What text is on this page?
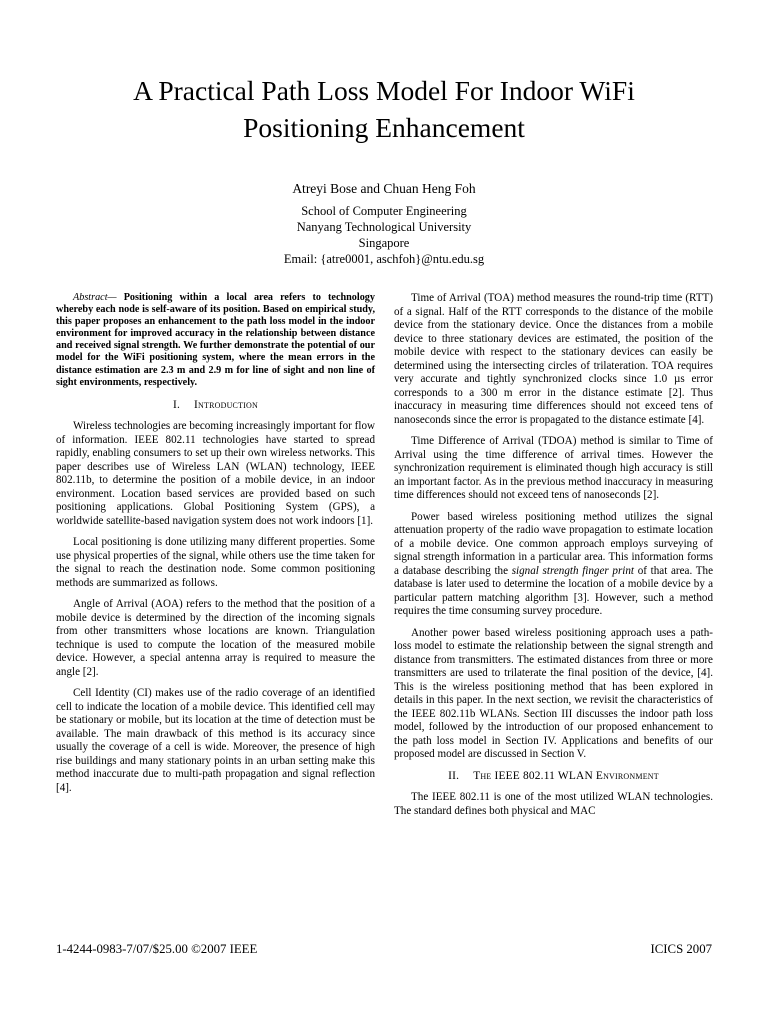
A Practical Path Loss Model For Indoor WiFi
Positioning Enhancement
Atreyi Bose and Chuan Heng Foh
School of Computer Engineering
Nanyang Technological University
Singapore
Email: {atre0001, aschfoh}@ntu.edu.sg

Abstract— Positioning within a local area refers to technology whereby each node is self-aware of its position. Based on empirical study, this paper proposes an enhancement to the path loss model in the indoor environment for improved accuracy in the relationship between distance and received signal strength. We further demonstrate the potential of our model for the WiFi positioning system, where the mean errors in the distance estimation are 2.3 m and 2.9 m for line of sight and non line of sight environments, respectively.

I. Introduction

Wireless technologies are becoming increasingly important for flow of information. IEEE 802.11 technologies have started to spread rapidly, enabling consumers to set up their own wireless networks. This paper describes use of Wireless LAN (WLAN) technology, IEEE 802.11b, to determine the position of a mobile device, in an indoor environment. Location based services are provided based on such positioning applications. Global Positioning System (GPS), a worldwide satellite-based navigation system does not work indoors [1].

Local positioning is done utilizing many different properties. Some use physical properties of the signal, while others use the time taken for the signal to reach the destination node. Some common positioning methods are summarized as follows.

Angle of Arrival (AOA) refers to the method that the position of a mobile device is determined by the direction of the incoming signals from other transmitters whose locations are known. Triangulation technique is used to compute the location of the measured mobile device. However, a special antenna array is required to measure the angle [2].

Cell Identity (CI) makes use of the radio coverage of an identified cell to indicate the location of a mobile device. This identified cell may be stationary or mobile, but its location at the time of detection must be available. The main drawback of this method is its accuracy since usually the coverage of a cell is wide. Moreover, the presence of high rise buildings and many stationary points in an urban setting make this method inaccurate due to multi-path propagation and signal reflection [4].

Time of Arrival (TOA) method measures the round-trip time (RTT) of a signal. Half of the RTT corresponds to the distance of the mobile device from the stationary device. Once the distances from a mobile device to three stationary devices are estimated, the position of the mobile device with respect to the stationary devices can easily be determined using the intersecting circles of trilateration. TOA requires very accurate and tightly synchronized clocks since 1.0 µs error corresponds to a 300 m error in the distance estimate [2]. Thus inaccuracy in measuring time differences should not exceed tens of nanoseconds since the error is propagated to the distance estimate [4].

Time Difference of Arrival (TDOA) method is similar to Time of Arrival using the time difference of arrival times. However the synchronization requirement is eliminated though high accuracy is still an important factor. As in the previous method inaccuracy in measuring time differences should not exceed tens of nanoseconds [2].

Power based wireless positioning method utilizes the signal attenuation property of the radio wave propagation to estimate location of a mobile device. One common approach employs surveying of signal strength information in a particular area. This information forms a database describing the signal strength finger print of that area. The database is later used to determine the location of a mobile device by a particular pattern matching algorithm [3]. However, such a method requires the time consuming survey procedure.

Another power based wireless positioning approach uses a path-loss model to estimate the relationship between the signal strength and distance from transmitters. The estimated distances from three or more transmitters are used to trilaterate the final position of the device, [4]. This is the wireless positioning method that has been explored in details in this paper. In the next section, we revisit the characteristics of the IEEE 802.11b WLANs. Section III discusses the indoor path loss model, followed by the introduction of our proposed enhancement to the path loss model in Section IV. Applications and benefits of our proposed model are discussed in Section V.

II. The IEEE 802.11 WLAN Environment

The IEEE 802.11 is one of the most utilized WLAN technologies. The standard defines both physical and MAC

1-4244-0983-7/07/$25.00 ©2007 IEEE	ICICS 2007
